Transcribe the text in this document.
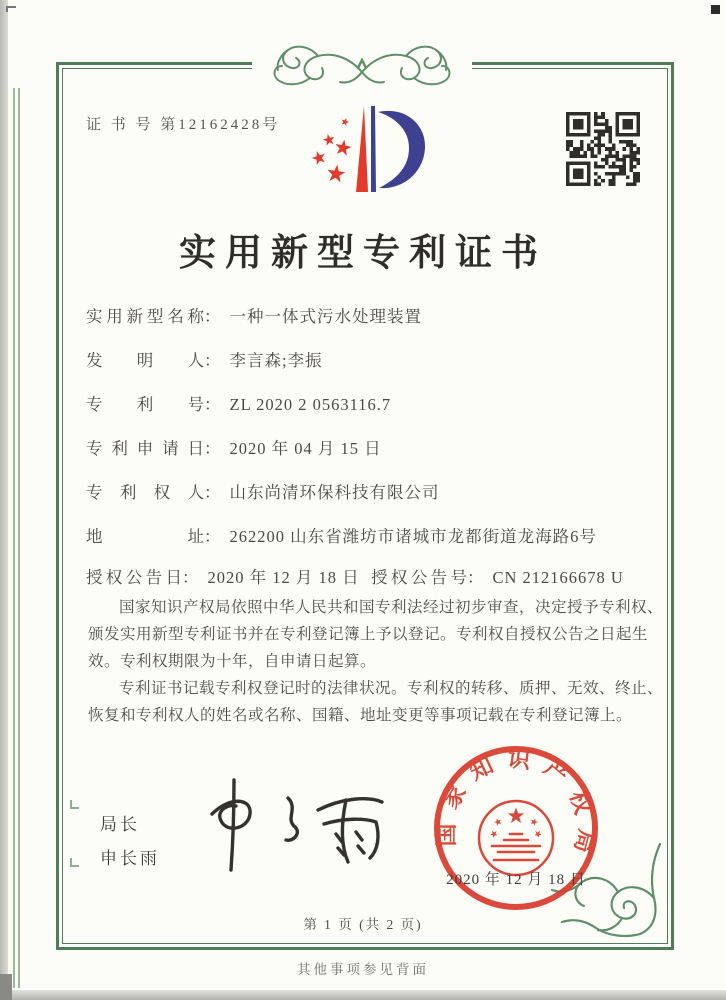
证 书 号 第12162428号
实用新型专利证书
实用新型名称： 一种一体式污水处理装置
发明人： 李言森;李振
专利号： ZL 2020 2 0563116.7
专利申请日： 2020 年 04 月 15 日
专利权人： 山东尚清环保科技有限公司
地址： 262200 山东省潍坊市诸城市龙都街道龙海路6号
授权公告日： 2020 年 12 月 18 日 授权公告号： CN 212166678 U

国家知识产权局依照中华人民共和国专利法经过初步审查，决定授予专利权、颁发实用新型专利证书并在专利登记簿上予以登记。专利权自授权公告之日起生效。专利权期限为十年，自申请日起算。

专利证书记载专利权登记时的法律状况。专利权的转移、质押、无效、终止、恢复和专利权人的姓名或名称、国籍、地址变更等事项记载在专利登记簿上。

局长
申长雨
国家知识产权局
2020 年 12 月 18 日
第 1 页 (共 2 页)
其他事项参见背面
